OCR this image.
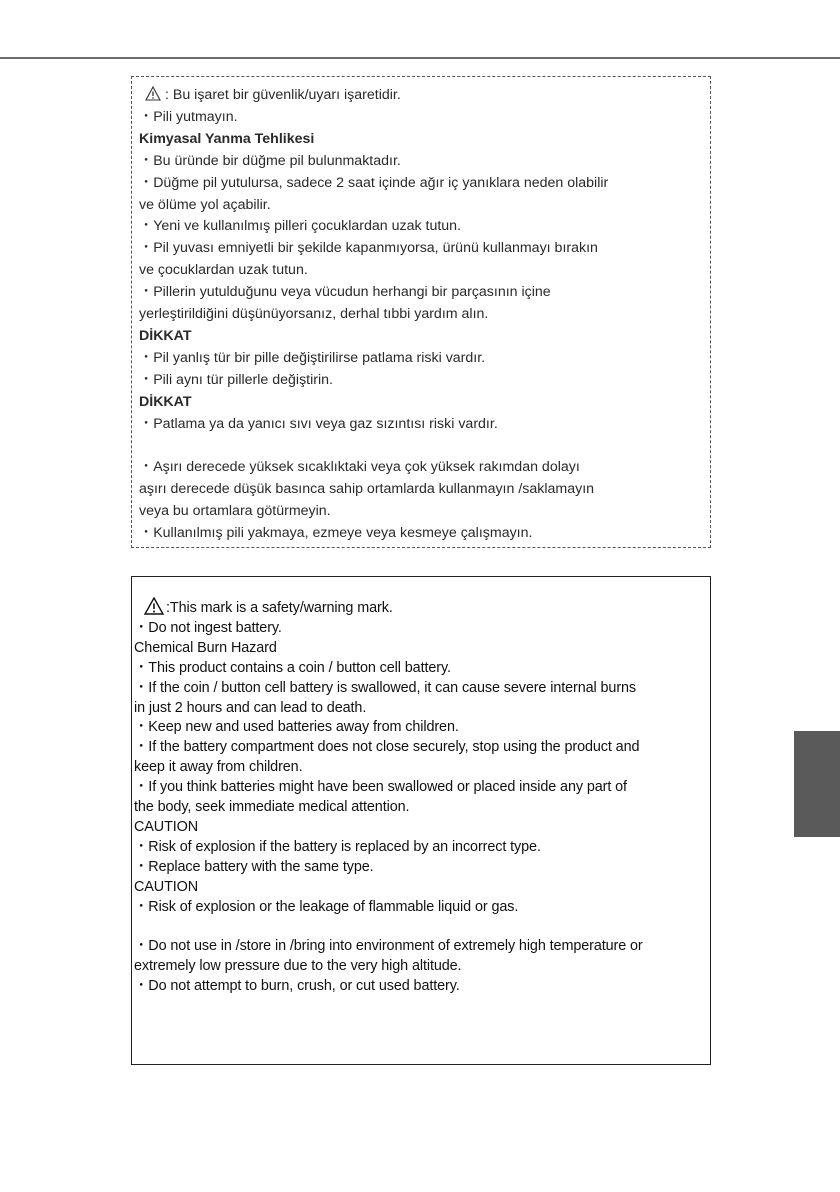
: Bu işaret bir güvenlik/uyarı işaretidir.
・Pili yutmayın.
Kimyasal Yanma Tehlikesi
・Bu üründe bir düğme pil bulunmaktadır.
・Düğme pil yutulursa, sadece 2 saat içinde ağır iç yanıklara neden olabilir
ve ölüme yol açabilir.
・Yeni ve kullanılmış pilleri çocuklardan uzak tutun.
・Pil yuvası emniyetli bir şekilde kapanmıyorsa, ürünü kullanmayı bırakın
ve çocuklardan uzak tutun.
・Pillerin yutulduğunu veya vücudun herhangi bir parçasının içine
yerleştirildiğini düşünüyorsanız, derhal tıbbi yardım alın.
DİKKAT
・Pil yanlış tür bir pille değiştirilirse patlama riski vardır.
・Pili aynı tür pillerle değiştirin.
DİKKAT
・Patlama ya da yanıcı sıvı veya gaz sızıntısı riski vardır.
・Aşırı derecede yüksek sıcaklıktaki veya çok yüksek rakımdan dolayı
aşırı derecede düşük basınca sahip ortamlarda kullanmayın /saklamayın
veya bu ortamlara götürmeyin.
・Kullanılmış pili yakmaya, ezmeye veya kesmeye çalışmayın.
:This mark is a safety/warning mark.
・Do not ingest battery.
Chemical Burn Hazard
・This product contains a coin / button cell battery.
・If the coin / button cell battery is swallowed, it can cause severe internal burns
in just 2 hours and can lead to death.
・Keep new and used batteries away from children.
・If the battery compartment does not close securely, stop using the product and
keep it away from children.
・If you think batteries might have been swallowed or placed inside any part of
the body, seek immediate medical attention.
CAUTION
・Risk of explosion if the battery is replaced by an incorrect type.
・Replace battery with the same type.
CAUTION
・Risk of explosion or the leakage of flammable liquid or gas.
・Do not use in /store in /bring into environment of extremely high temperature or
extremely low pressure due to the very high altitude.
・Do not attempt to burn, crush, or cut used battery.
